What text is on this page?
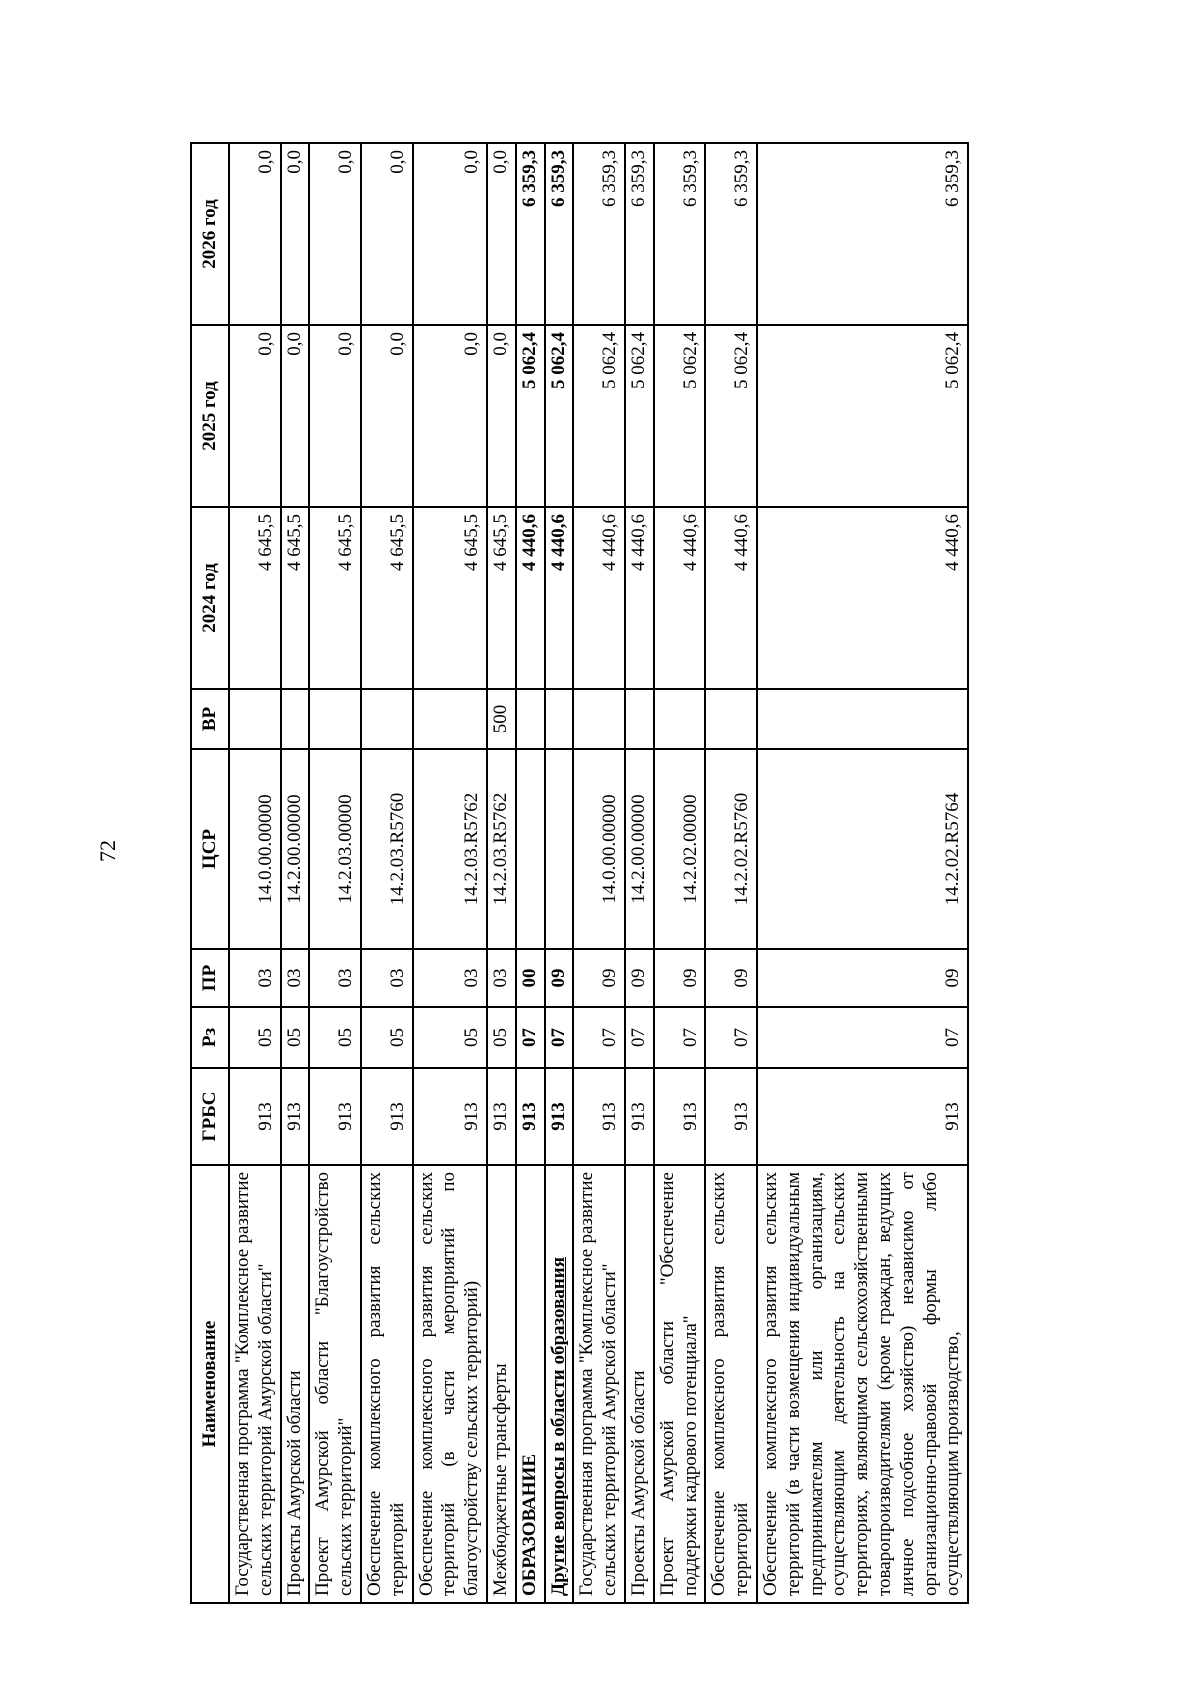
72
Наименование	ГРБС	Рз	ПР	ЦСР	ВР	2024 год	2025 год	2026 год
Государственная программа "Комплексное развитие сельских территорий Амурской области"	913	05	03	14.0.00.00000		4 645,5	0,0	0,0
Проекты Амурской области	913	05	03	14.2.00.00000		4 645,5	0,0	0,0
Проект Амурской области "Благоустройство сельских территорий"	913	05	03	14.2.03.00000		4 645,5	0,0	0,0
Обеспечение комплексного развития сельских территорий	913	05	03	14.2.03.R5760		4 645,5	0,0	0,0
Обеспечение комплексного развития сельских территорий (в части мероприятий по благоустройству сельских территорий)	913	05	03	14.2.03.R5762		4 645,5	0,0	0,0
Межбюджетные трансферты	913	05	03	14.2.03.R5762	500	4 645,5	0,0	0,0
ОБРАЗОВАНИЕ	913	07	00			4 440,6	5 062,4	6 359,3
Другие вопросы в области образования	913	07	09			4 440,6	5 062,4	6 359,3
Государственная программа "Комплексное развитие сельских территорий Амурской области"	913	07	09	14.0.00.00000		4 440,6	5 062,4	6 359,3
Проекты Амурской области	913	07	09	14.2.00.00000		4 440,6	5 062,4	6 359,3
Проект Амурской области "Обеспечение поддержки кадрового потенциала"	913	07	09	14.2.02.00000		4 440,6	5 062,4	6 359,3
Обеспечение комплексного развития сельских территорий	913	07	09	14.2.02.R5760		4 440,6	5 062,4	6 359,3
Обеспечение комплексного развития сельских территорий (в части возмещения индивидуальным предпринимателям или организациям, осуществляющим деятельность на сельских территориях, являющимся сельскохозяйственными товаропроизводителями (кроме граждан, ведущих личное подсобное хозяйство) независимо от организационно-правовой формы либо осуществляющим производство,	913	07	09	14.2.02.R5764		4 440,6	5 062,4	6 359,3
